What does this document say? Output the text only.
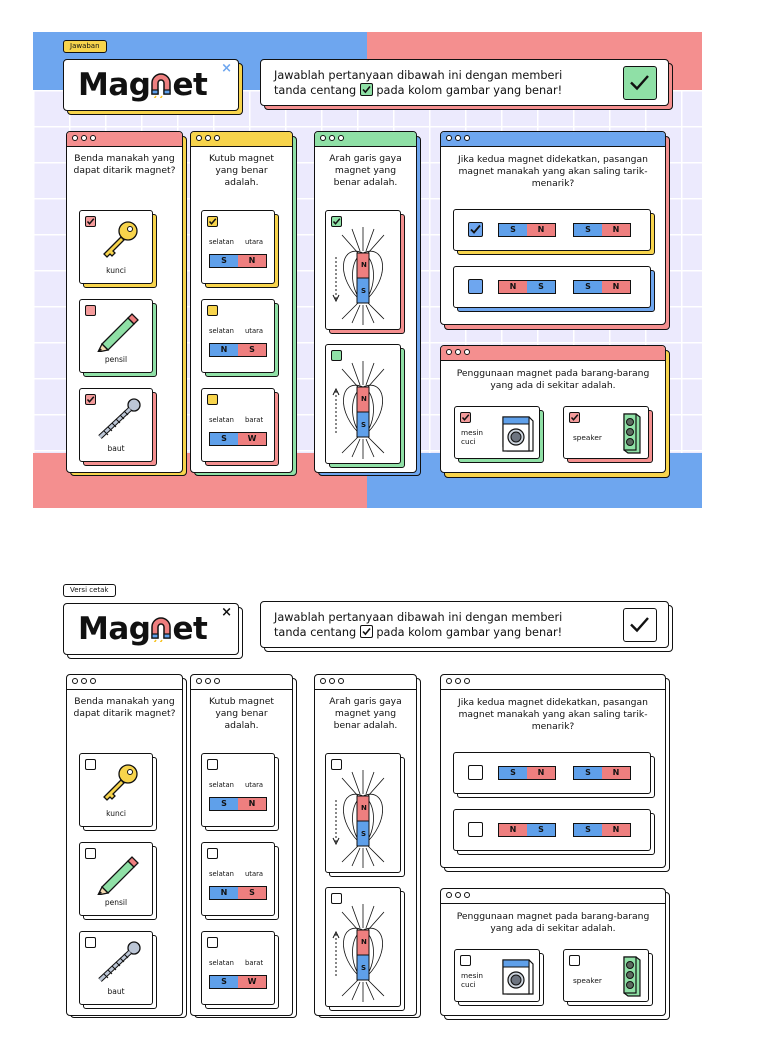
Jawaban
Mag et ×	Jawablah pertanyaan dibawah ini dengan memberi
tanda centang pada kolom gambar yang benar!
Benda manakah yang dapat ditarik magnet?
kunci
pensil
baut
Kutub magnet yang benar adalah.
selatan utara
S	N
selatan utara
N	S
selatan barat
S	W
Arah garis gaya magnet yang benar adalah.
N
S
N
S
Jika kedua magnet didekatkan, pasangan magnet manakah yang akan saling tarik-menarik?
S	N	S	N
N	S	S	N
Penggunaan magnet pada barang-barang yang ada di sekitar adalah.
mesin
cuci	speaker
Versi cetak
Mag et ×	Jawablah pertanyaan dibawah ini dengan memberi
tanda centang pada kolom gambar yang benar!
Benda manakah yang dapat ditarik magnet?
kunci
pensil
baut
Kutub magnet yang benar adalah.
selatan utara
S	N
selatan utara
N	S
selatan barat
S	W
Arah garis gaya magnet yang benar adalah.
N
S
N
S
Jika kedua magnet didekatkan, pasangan magnet manakah yang akan saling tarik-menarik?
S	N	S	N
N	S	S	N
Penggunaan magnet pada barang-barang yang ada di sekitar adalah.
mesin
cuci	speaker
